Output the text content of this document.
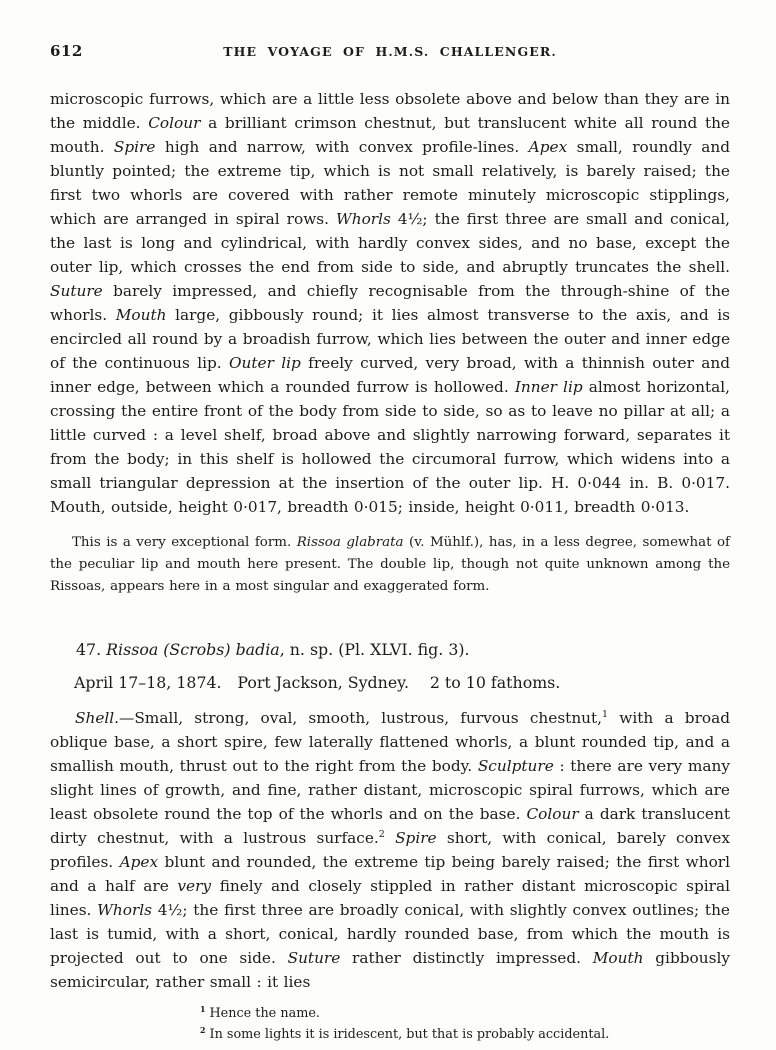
612	THE VOYAGE OF H.M.S. CHALLENGER.

microscopic furrows, which are a little less obsolete above and below than they are in the middle. Colour a brilliant crimson chestnut, but translucent white all round the mouth. Spire high and narrow, with convex profile-lines. Apex small, roundly and bluntly pointed; the extreme tip, which is not small relatively, is barely raised; the first two whorls are covered with rather remote minutely microscopic stipplings, which are arranged in spiral rows. Whorls 4½; the first three are small and conical, the last is long and cylindrical, with hardly convex sides, and no base, except the outer lip, which crosses the end from side to side, and abruptly truncates the shell. Suture barely impressed, and chiefly recognisable from the through-shine of the whorls. Mouth large, gibbously round; it lies almost transverse to the axis, and is encircled all round by a broadish furrow, which lies between the outer and inner edge of the continuous lip. Outer lip freely curved, very broad, with a thinnish outer and inner edge, between which a rounded furrow is hollowed. Inner lip almost horizontal, crossing the entire front of the body from side to side, so as to leave no pillar at all; a little curved : a level shelf, broad above and slightly narrowing forward, separates it from the body; in this shelf is hollowed the circumoral furrow, which widens into a small triangular depression at the insertion of the outer lip. H. 0·044 in. B. 0·017. Mouth, outside, height 0·017, breadth 0·015; inside, height 0·011, breadth 0·013.

This is a very exceptional form. Rissoa glabrata (v. Mühlf.), has, in a less degree, somewhat of the peculiar lip and mouth here present. The double lip, though not quite unknown among the Rissoas, appears here in a most singular and exaggerated form.

47. Rissoa (Scrobs) badia, n. sp. (Pl. XLVI. fig. 3).

April 17–18, 1874. Port Jackson, Sydney.  2 to 10 fathoms.

Shell.—Small, strong, oval, smooth, lustrous, furvous chestnut,$^1$ with a broad oblique base, a short spire, few laterally flattened whorls, a blunt rounded tip, and a smallish mouth, thrust out to the right from the body. Sculpture : there are very many slight lines of growth, and fine, rather distant, microscopic spiral furrows, which are least obsolete round the top of the whorls and on the base. Colour a dark translucent dirty chestnut, with a lustrous surface.$^2$ Spire short, with conical, barely convex profiles. Apex blunt and rounded, the extreme tip being barely raised; the first whorl and a half are very finely and closely stippled in rather distant microscopic spiral lines. Whorls 4½; the first three are broadly conical, with slightly convex outlines; the last is tumid, with a short, conical, hardly rounded base, from which the mouth is projected out to one side. Suture rather distinctly impressed. Mouth gibbously semicircular, rather small : it lies

$^1$ Hence the name.
$^2$ In some lights it is iridescent, but that is probably accidental.
